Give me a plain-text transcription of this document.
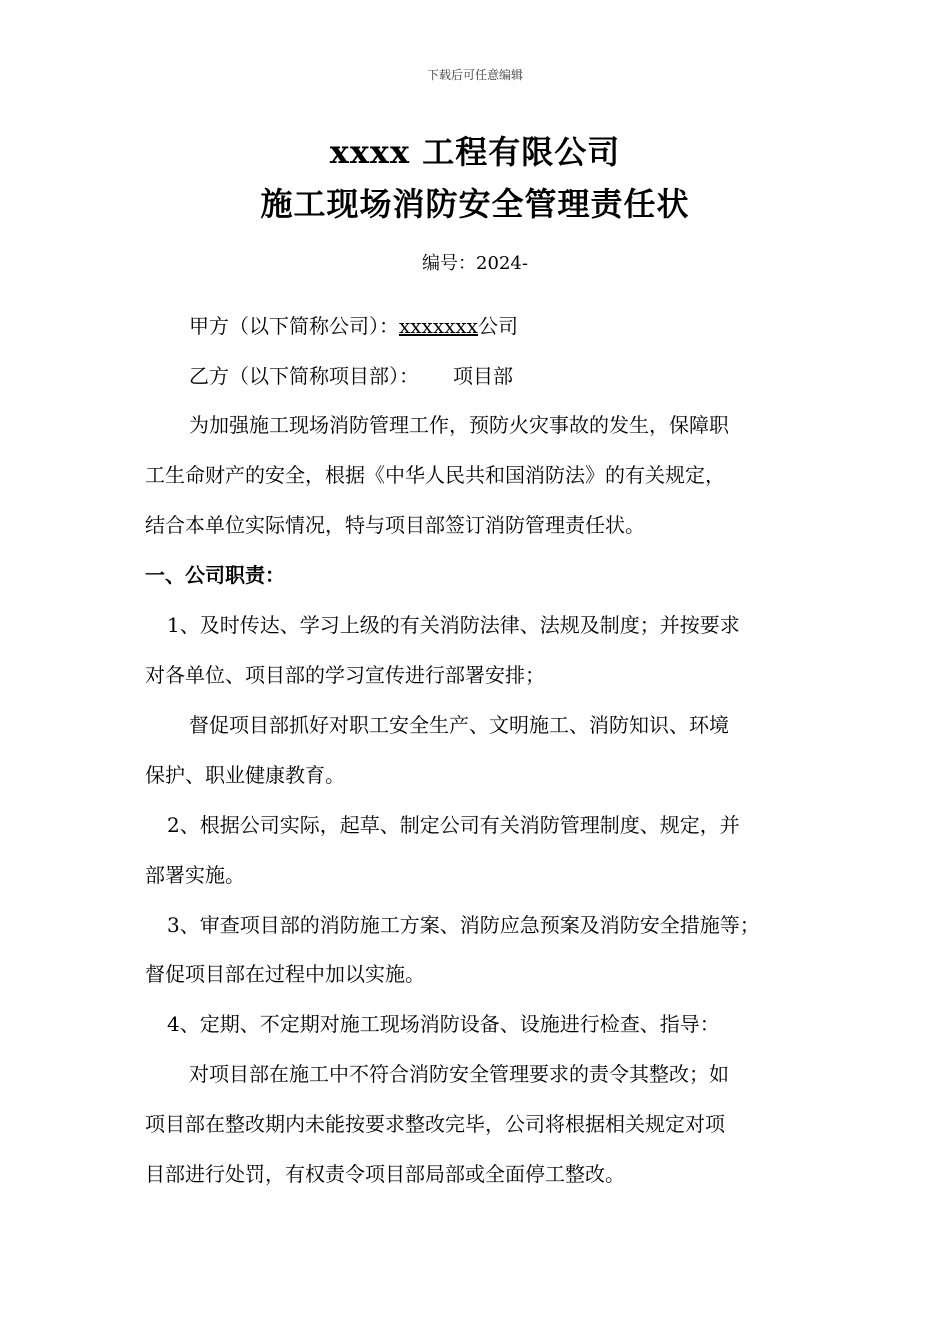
下载后可任意编辑
xxxx 工程有限公司
施工现场消防安全管理责任状
编号：2024-
甲方（以下简称公司）：xxxxxxx公司
乙方（以下简称项目部）： 项目部
为加强施工现场消防管理工作，预防火灾事故的发生，保障职
工生命财产的安全，根据《中华人民共和国消防法》的有关规定，
结合本单位实际情况，特与项目部签订消防管理责任状。
一、公司职责：
1、及时传达、学习上级的有关消防法律、法规及制度；并按要求
对各单位、项目部的学习宣传进行部署安排；
督促项目部抓好对职工安全生产、文明施工、消防知识、环境
保护、职业健康教育。
2、根据公司实际，起草、制定公司有关消防管理制度、规定，并
部署实施。
3、审查项目部的消防施工方案、消防应急预案及消防安全措施等；
督促项目部在过程中加以实施。
4、定期、不定期对施工现场消防设备、设施进行检查、指导：
对项目部在施工中不符合消防安全管理要求的责令其整改；如
项目部在整改期内未能按要求整改完毕，公司将根据相关规定对项
目部进行处罚，有权责令项目部局部或全面停工整改。
